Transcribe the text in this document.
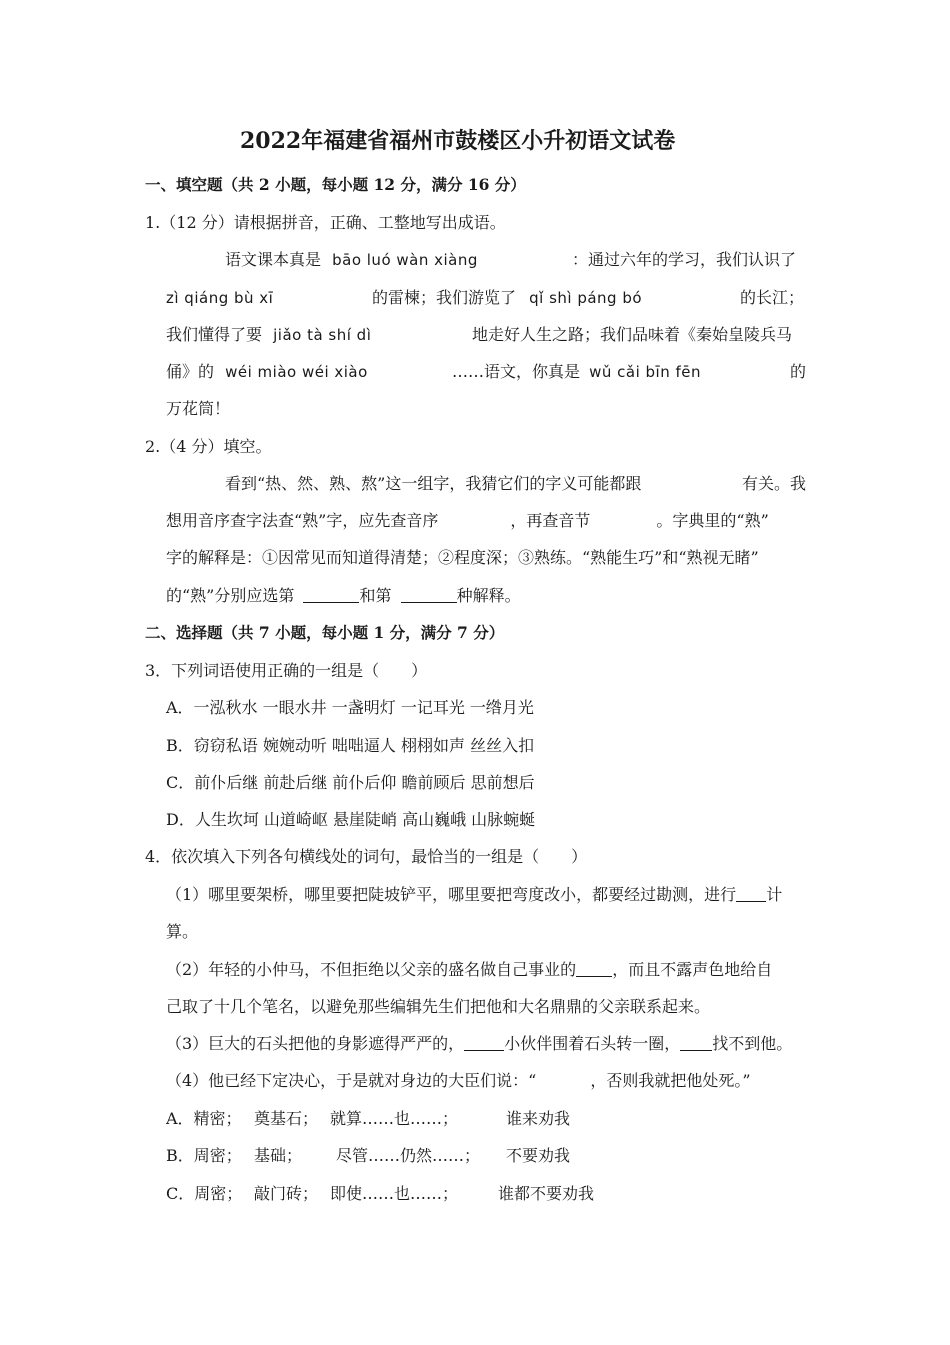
2022年福建省福州市鼓楼区小升初语文试卷
一、填空题（共 2 小题，每小题 12 分，满分 16 分）
1.（12 分）请根据拼音，正确、工整地写出成语。
语文课本真是 bāo luó wàn xiàng	：通过六年的学习，我们认识了
zì qiáng bù xī	的雷楝；我们游览了 qǐ shì páng bó	的长江；
我们懂得了要 jiǎo tà shí dì	地走好人生之路；我们品味着《秦始皇陵兵马
俑》的 wéi miào wéi xiào	……语文，你真是 wǔ cǎi bīn fēn	的
万花筒！
2.（4 分）填空。
看到“热、然、熟、熬”这一组字，我猜它们的字义可能都跟	有关。我
想用音序查字法查“熟”字，应先查音序	，再查音节	。字典里的“熟”
字的解释是：①因常见而知道得清楚；②程度深；③熟练。“熟能生巧”和“熟视无睹”
的“熟”分别应选第	和第	种解释。
二、选择题（共 7 小题，每小题 1 分，满分 7 分）
3．下列词语使用正确的一组是（　　）
A．一泓秋水 一眼水井 一盏明灯 一记耳光 一绺月光
B．窃窃私语 婉婉动听 咄咄逼人 栩栩如声 丝丝入扣
C．前仆后继 前赴后继 前仆后仰 瞻前顾后 思前想后
D．人生坎坷 山道崎岖 悬崖陡峭 高山巍峨 山脉蜿蜒
4．依次填入下列各句横线处的词句，最恰当的一组是（　　）
（1）哪里要架桥，哪里要把陡坡铲平，哪里要把弯度改小，都要经过勘测，进行 计
算。
（2）年轻的小仲马，不但拒绝以父亲的盛名做自己事业的 ，而且不露声色地给自
己取了十几个笔名，以避免那些编辑先生们把他和大名鼎鼎的父亲联系起来。
（3）巨大的石头把他的身影遮得严严的，	小伙伴围着石头转一圈， 找不到他。
（4）他已经下定决心，于是就对身边的大臣们说：“	，否则我就把他处死。”
A．精密； 奠基石； 就算……也……；	谁来劝我
B．周密； 基础； 尽管……仍然……； 不要劝我
C．周密； 敲门砖； 即使……也……； 谁都不要劝我
